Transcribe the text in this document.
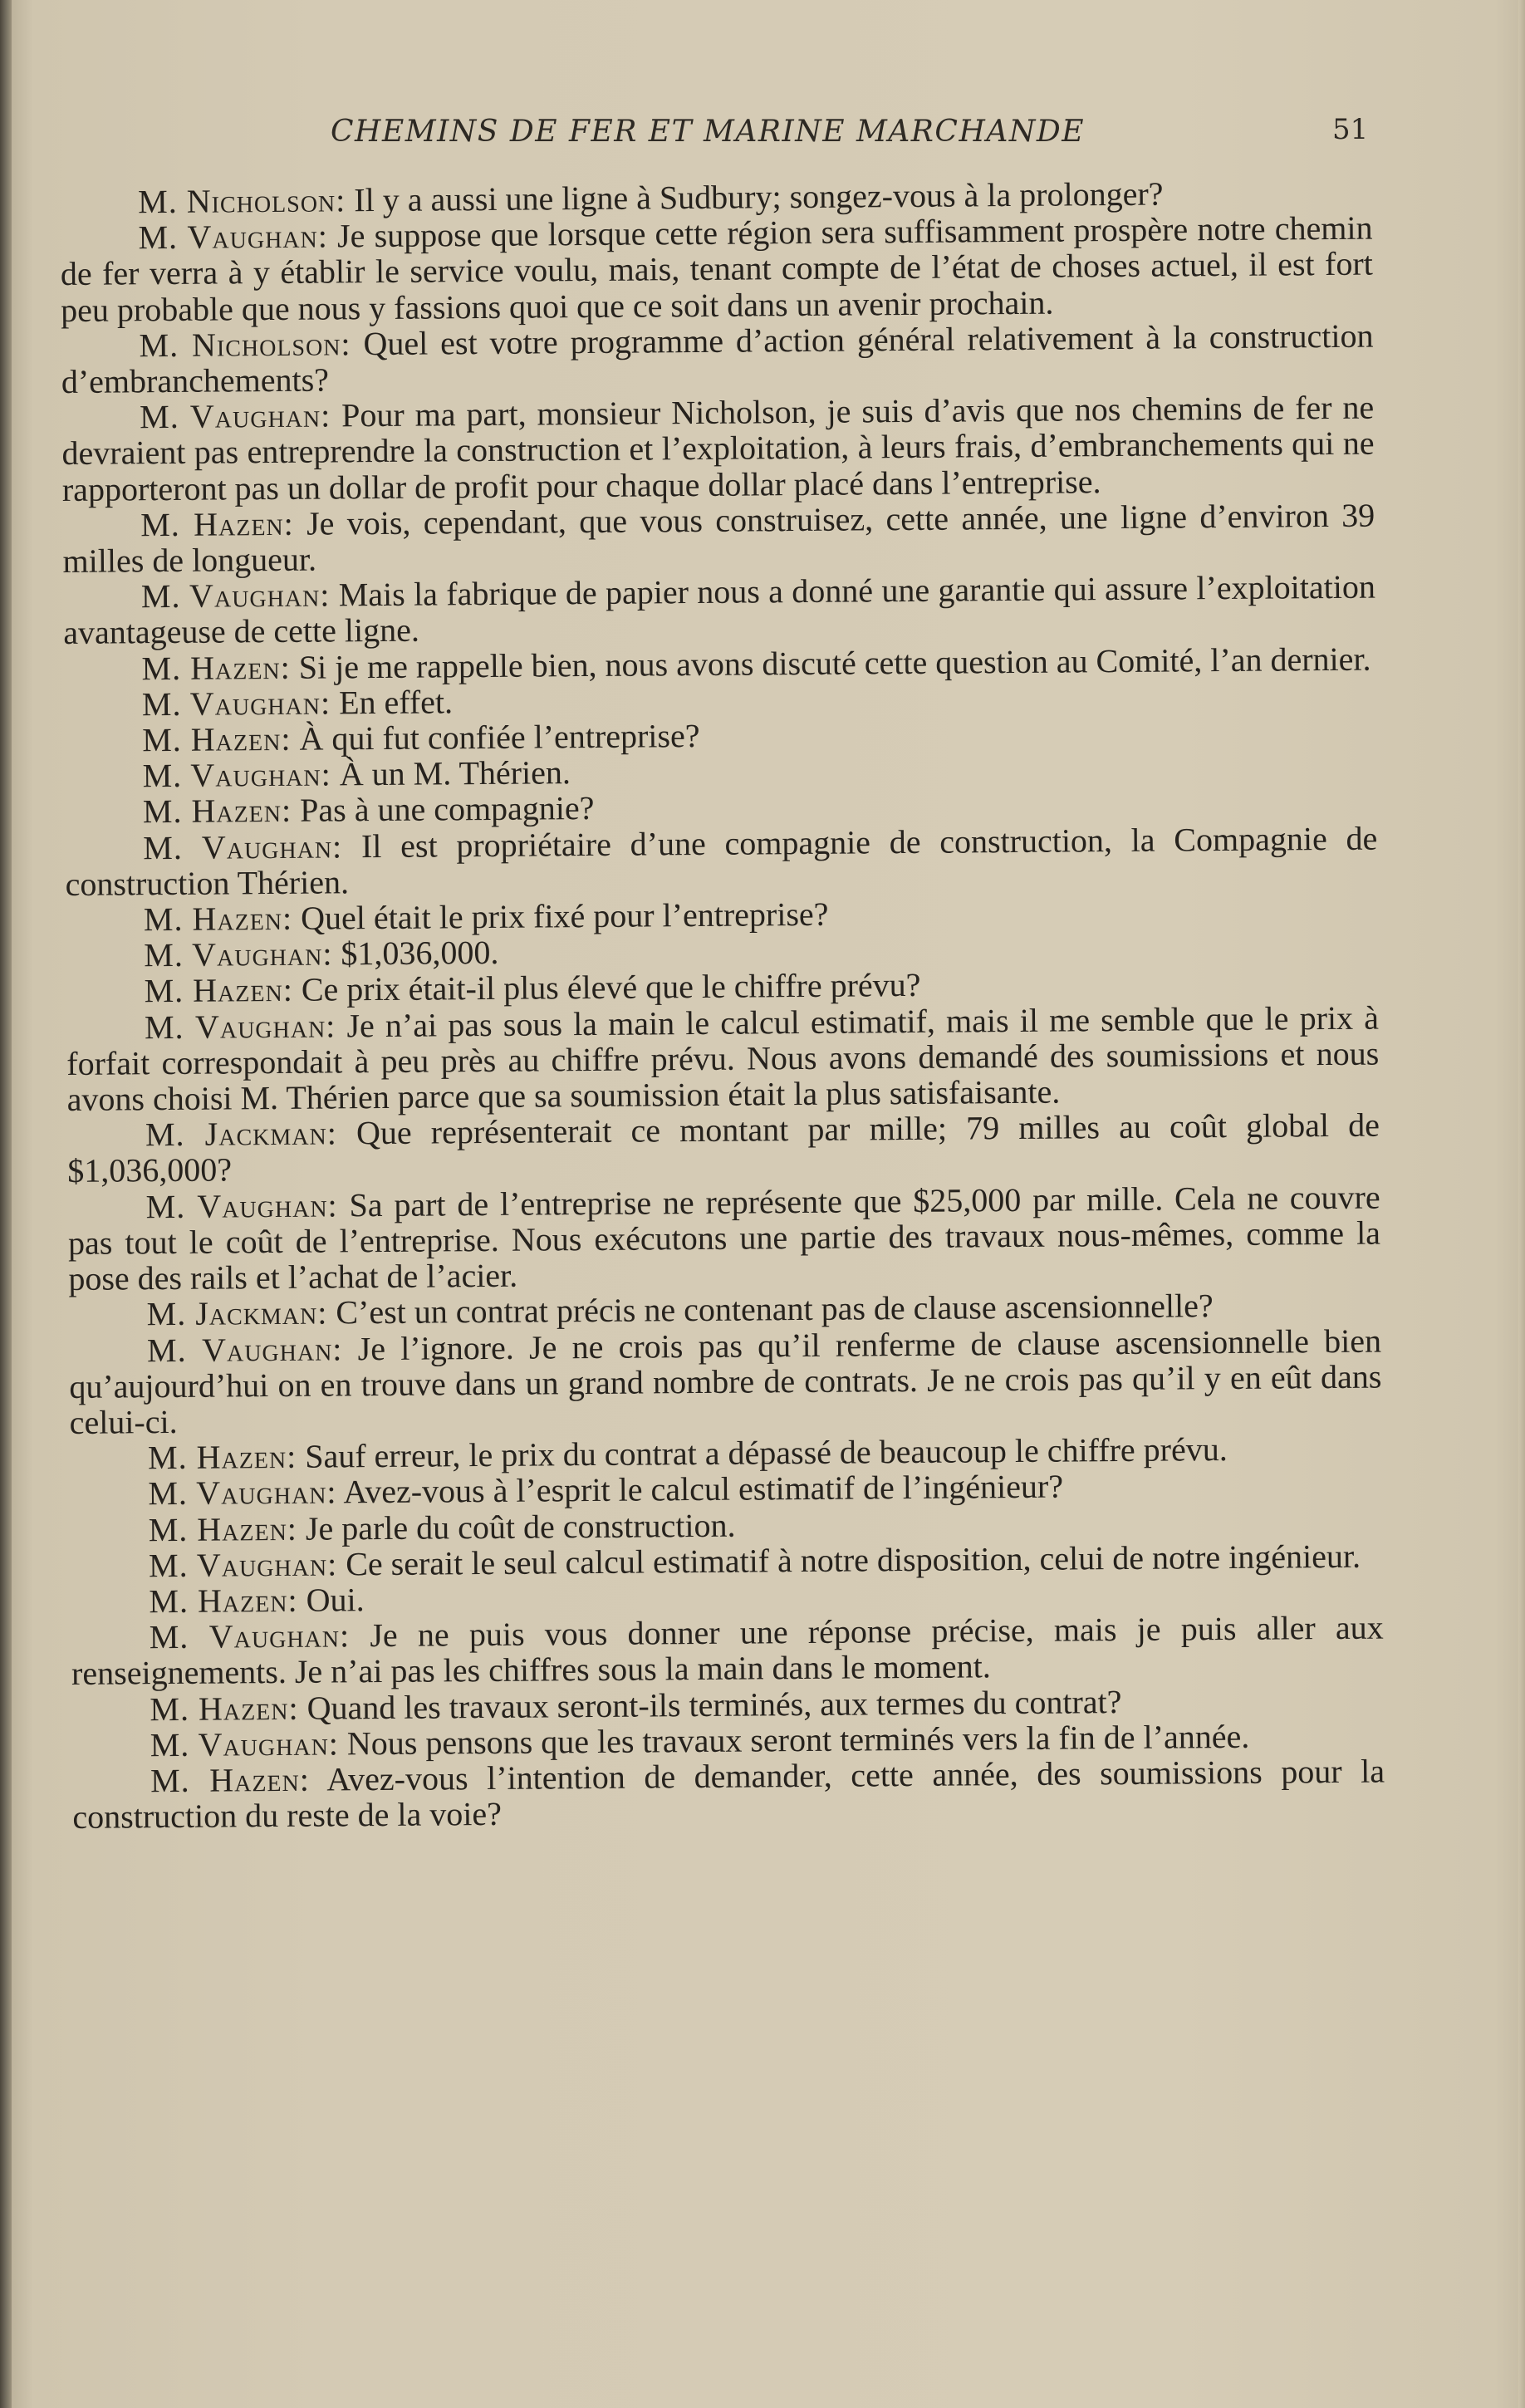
CHEMINS DE FER ET MARINE MARCHANDE	51

M. Nicholson: Il y a aussi une ligne à Sudbury; songez-vous à la prolonger?

M. Vaughan: Je suppose que lorsque cette région sera suffisamment prospère notre chemin de fer verra à y établir le service voulu, mais, tenant compte de l’état de choses actuel, il est fort peu probable que nous y fassions quoi que ce soit dans un avenir prochain.

M. Nicholson: Quel est votre programme d’action général relativement à la construction d’embranchements?

M. Vaughan: Pour ma part, monsieur Nicholson, je suis d’avis que nos chemins de fer ne devraient pas entreprendre la construction et l’exploitation, à leurs frais, d’embranchements qui ne rapporteront pas un dollar de profit pour chaque dollar placé dans l’entreprise.

M. Hazen: Je vois, cependant, que vous construisez, cette année, une ligne d’environ 39 milles de longueur.

M. Vaughan: Mais la fabrique de papier nous a donné une garantie qui assure l’exploitation avantageuse de cette ligne.

M. Hazen: Si je me rappelle bien, nous avons discuté cette question au Comité, l’an dernier.

M. Vaughan: En effet.

M. Hazen: À qui fut confiée l’entreprise?

M. Vaughan: À un M. Thérien.

M. Hazen: Pas à une compagnie?

M. Vaughan: Il est propriétaire d’une compagnie de construction, la Compagnie de construction Thérien.

M. Hazen: Quel était le prix fixé pour l’entreprise?

M. Vaughan: $1,036,000.

M. Hazen: Ce prix était-il plus élevé que le chiffre prévu?

M. Vaughan: Je n’ai pas sous la main le calcul estimatif, mais il me semble que le prix à forfait correspondait à peu près au chiffre prévu. Nous avons demandé des soumissions et nous avons choisi M. Thérien parce que sa soumission était la plus satisfaisante.

M. Jackman: Que représenterait ce montant par mille; 79 milles au coût global de $1,036,000?

M. Vaughan: Sa part de l’entreprise ne représente que $25,000 par mille. Cela ne couvre pas tout le coût de l’entreprise. Nous exécutons une partie des travaux nous-mêmes, comme la pose des rails et l’achat de l’acier.

M. Jackman: C’est un contrat précis ne contenant pas de clause ascensionnelle?

M. Vaughan: Je l’ignore. Je ne crois pas qu’il renferme de clause ascensionnelle bien qu’aujourd’hui on en trouve dans un grand nombre de contrats. Je ne crois pas qu’il y en eût dans celui-ci.

M. Hazen: Sauf erreur, le prix du contrat a dépassé de beaucoup le chiffre prévu.

M. Vaughan: Avez-vous à l’esprit le calcul estimatif de l’ingénieur?

M. Hazen: Je parle du coût de construction.

M. Vaughan: Ce serait le seul calcul estimatif à notre disposition, celui de notre ingénieur.

M. Hazen: Oui.

M. Vaughan: Je ne puis vous donner une réponse précise, mais je puis aller aux renseignements. Je n’ai pas les chiffres sous la main dans le moment.

M. Hazen: Quand les travaux seront-ils terminés, aux termes du contrat?

M. Vaughan: Nous pensons que les travaux seront terminés vers la fin de l’année.

M. Hazen: Avez-vous l’intention de demander, cette année, des soumissions pour la construction du reste de la voie?
